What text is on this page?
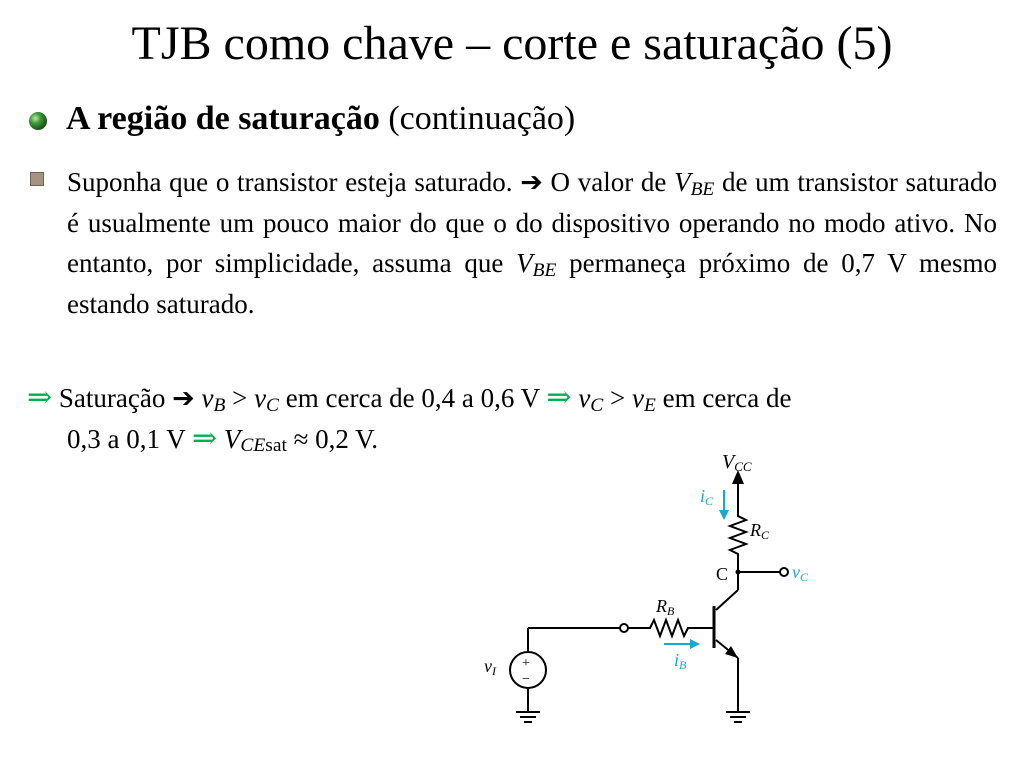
TJB como chave – corte e saturação (5)
A região de saturação (continuação)

Suponha que o transistor esteja saturado. ➔ O valor de $V_{BE}$ de um transistor saturado é usualmente um pouco maior do que o do dispositivo operando no modo ativo. No entanto, por simplicidade, assuma que $V_{BE}$ permaneça próximo de 0,7 V mesmo estando saturado.

⇒ Saturação ➔ $v_B > v_C$ em cerca de 0,4 a 0,6 V ⇒ $v_C > v_E$ em cerca de
0,3 a 0,1 V ⇒ $V_{CEsat} \approx 0,2$ V.
VCC
iC
RC
C	vC
RB
iB
vI +
−
